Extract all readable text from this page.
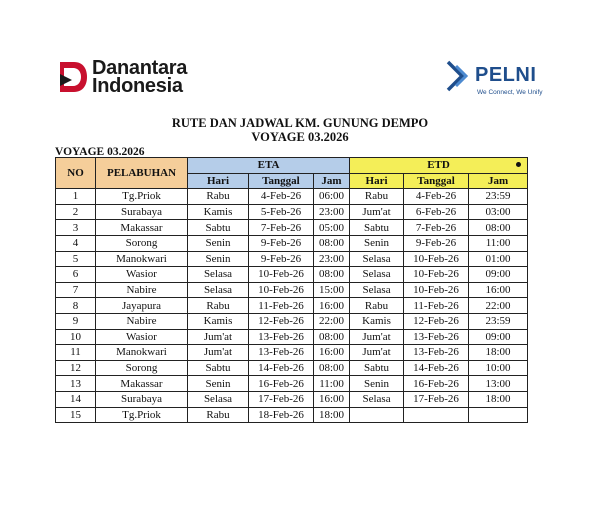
Danantara
Indonesia	PELNI
We Connect, We Unify
RUTE DAN JADWAL KM. GUNUNG DEMPO
VOYAGE 03.2026
VOYAGE 03.2026
NO	PELABUHAN	ETA			ETD		

		Hari	Tanggal	Jam	Hari	Tanggal	Jam
1	Tg.Priok	Rabu	4-Feb-26	06:00	Rabu	4-Feb-26	23:59
2	Surabaya	Kamis	5-Feb-26	23:00	Jum'at	6-Feb-26	03:00
3	Makassar	Sabtu	7-Feb-26	05:00	Sabtu	7-Feb-26	08:00
4	Sorong	Senin	9-Feb-26	08:00	Senin	9-Feb-26	11:00
5	Manokwari	Senin	9-Feb-26	23:00	Selasa	10-Feb-26	01:00
6	Wasior	Selasa	10-Feb-26	08:00	Selasa	10-Feb-26	09:00
7	Nabire	Selasa	10-Feb-26	15:00	Selasa	10-Feb-26	16:00
8	Jayapura	Rabu	11-Feb-26	16:00	Rabu	11-Feb-26	22:00
9	Nabire	Kamis	12-Feb-26	22:00	Kamis	12-Feb-26	23:59
10	Wasior	Jum'at	13-Feb-26	08:00	Jum'at	13-Feb-26	09:00
11	Manokwari	Jum'at	13-Feb-26	16:00	Jum'at	13-Feb-26	18:00
12	Sorong	Sabtu	14-Feb-26	08:00	Sabtu	14-Feb-26	10:00
13	Makassar	Senin	16-Feb-26	11:00	Senin	16-Feb-26	13:00
14	Surabaya	Selasa	17-Feb-26	16:00	Selasa	17-Feb-26	18:00
15	Tg.Priok	Rabu	18-Feb-26	18:00			
